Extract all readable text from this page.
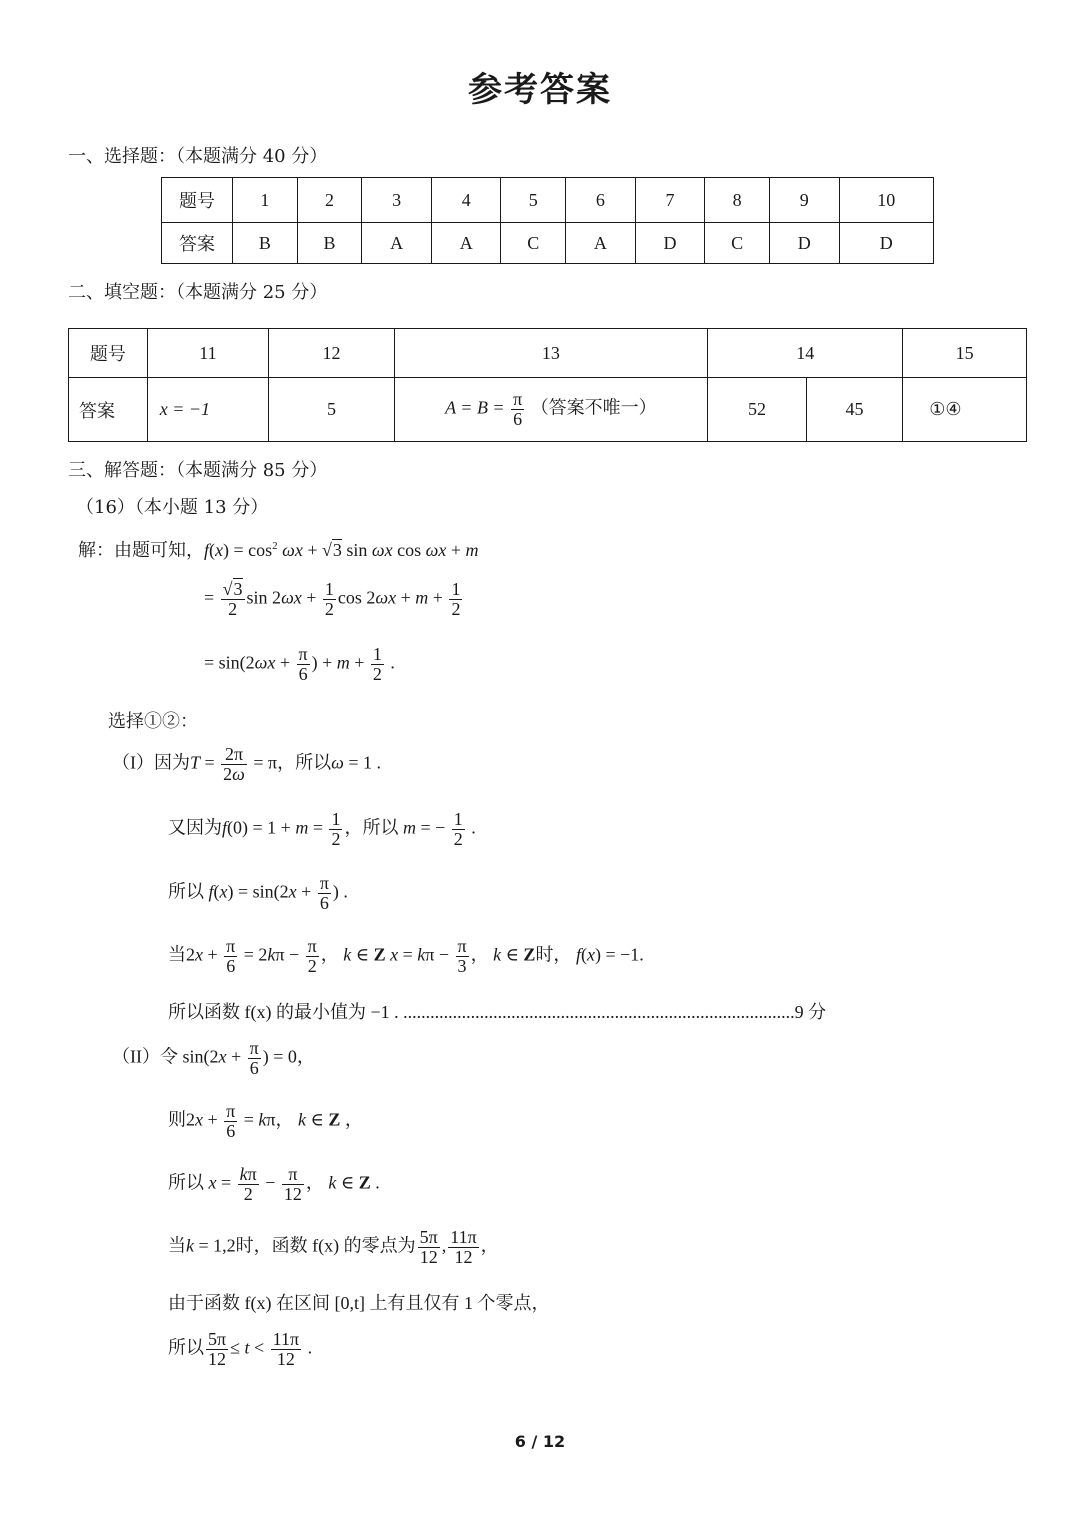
参考答案
一、选择题：（本题满分 40 分）
题号	1	2	3	4	5	6	7	8	9	10
答案	B	B	A	A	C	A	D	C	D	D
二、填空题：（本题满分 25 分）
题号	11	12	13	14		15
答案	x = −1	5	$A = B = \frac{\pi}{6}$ （答案不唯一）	52	45	①④
三、解答题：（本题满分 85 分）
（16）（本小题 13 分）
解：由题可知，$f(x) = \cos^2 \omega x + √3$ sin ωx cos ωx + m
= $\frac{√3}{2}$ $\sin 2\omega x + \frac{1}{2}$ $\cos 2\omega x + m + \frac{1}{2}$
= $\sin(2\omega x + \frac{\pi}{6}$ ) + $m + \frac{1}{2}$ .
选择①②：
（I）因为$T = \frac{2\pi}{2\omega} = \pi$，所以ω = 1 .
又因为$f(0) = 1 + m = \frac{1}{2}$ ，所以 m = − $\frac{1}{2}$ .
所以 $f(x) = \sin(2x + \frac{\pi}{6}$ ) .
当$2x + \frac{\pi}{6} = 2k\pi - \frac{\pi}{2}$ ， k ∈ Z $x = k\pi - \frac{\pi}{3}$ ， k ∈ Z时， f(x) = −1.
所以函数 f(x) 的最小值为 −1 . .......................................................................................9 分
（II）令 $\sin(2x + \frac{\pi}{6}$ ) = 0，
则$2x + \frac{\pi}{6} = k\pi$， k ∈ Z ，
所以 $x = \frac{k\pi}{2} - \frac{\pi}{12}$ ， k ∈ Z .
当k = 1,2时，函数 f(x) 的零点为 $\frac{5\pi}{12}$ , $\frac{11\pi}{12}$ ，
由于函数 f(x) 在区间 [0,t] 上有且仅有 1 个零点，
所以 $\frac{5\pi}{12} \le t < \frac{11\pi}{12}$ .
6 / 12
